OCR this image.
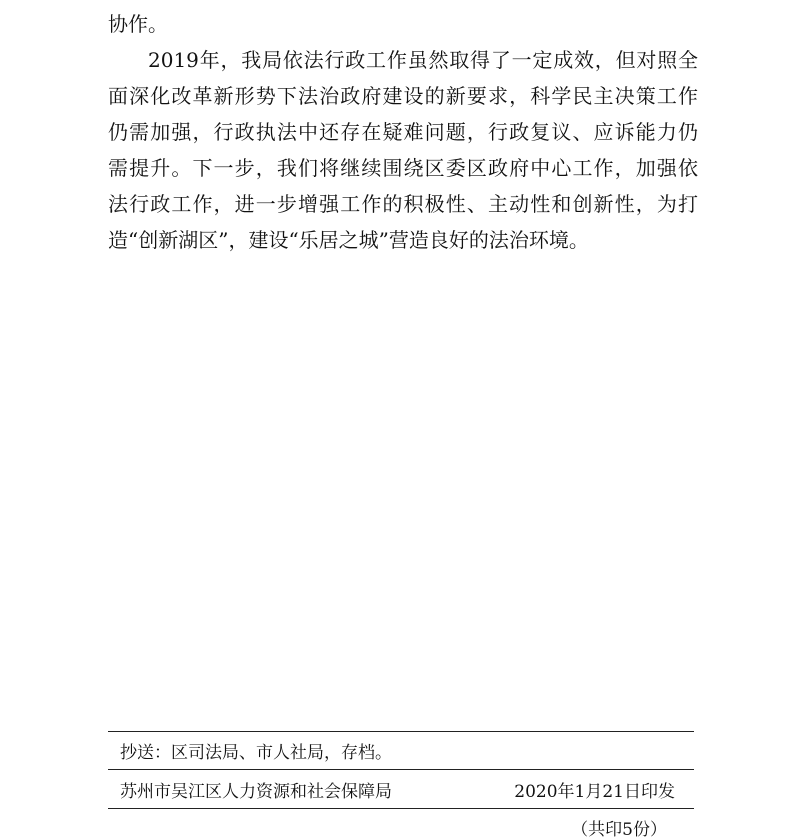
协作。
2019年，我局依法行政工作虽然取得了一定成效，但对照全
面深化改革新形势下法治政府建设的新要求，科学民主决策工作
仍需加强，行政执法中还存在疑难问题，行政复议、应诉能力仍
需提升。下一步，我们将继续围绕区委区政府中心工作，加强依
法行政工作，进一步增强工作的积极性、主动性和创新性，为打
造“创新湖区”，建设“乐居之城”营造良好的法治环境。
抄送：区司法局、市人社局，存档。
苏州市吴江区人力资源和社会保障局	2020年1月21日印发
（共印5份）
